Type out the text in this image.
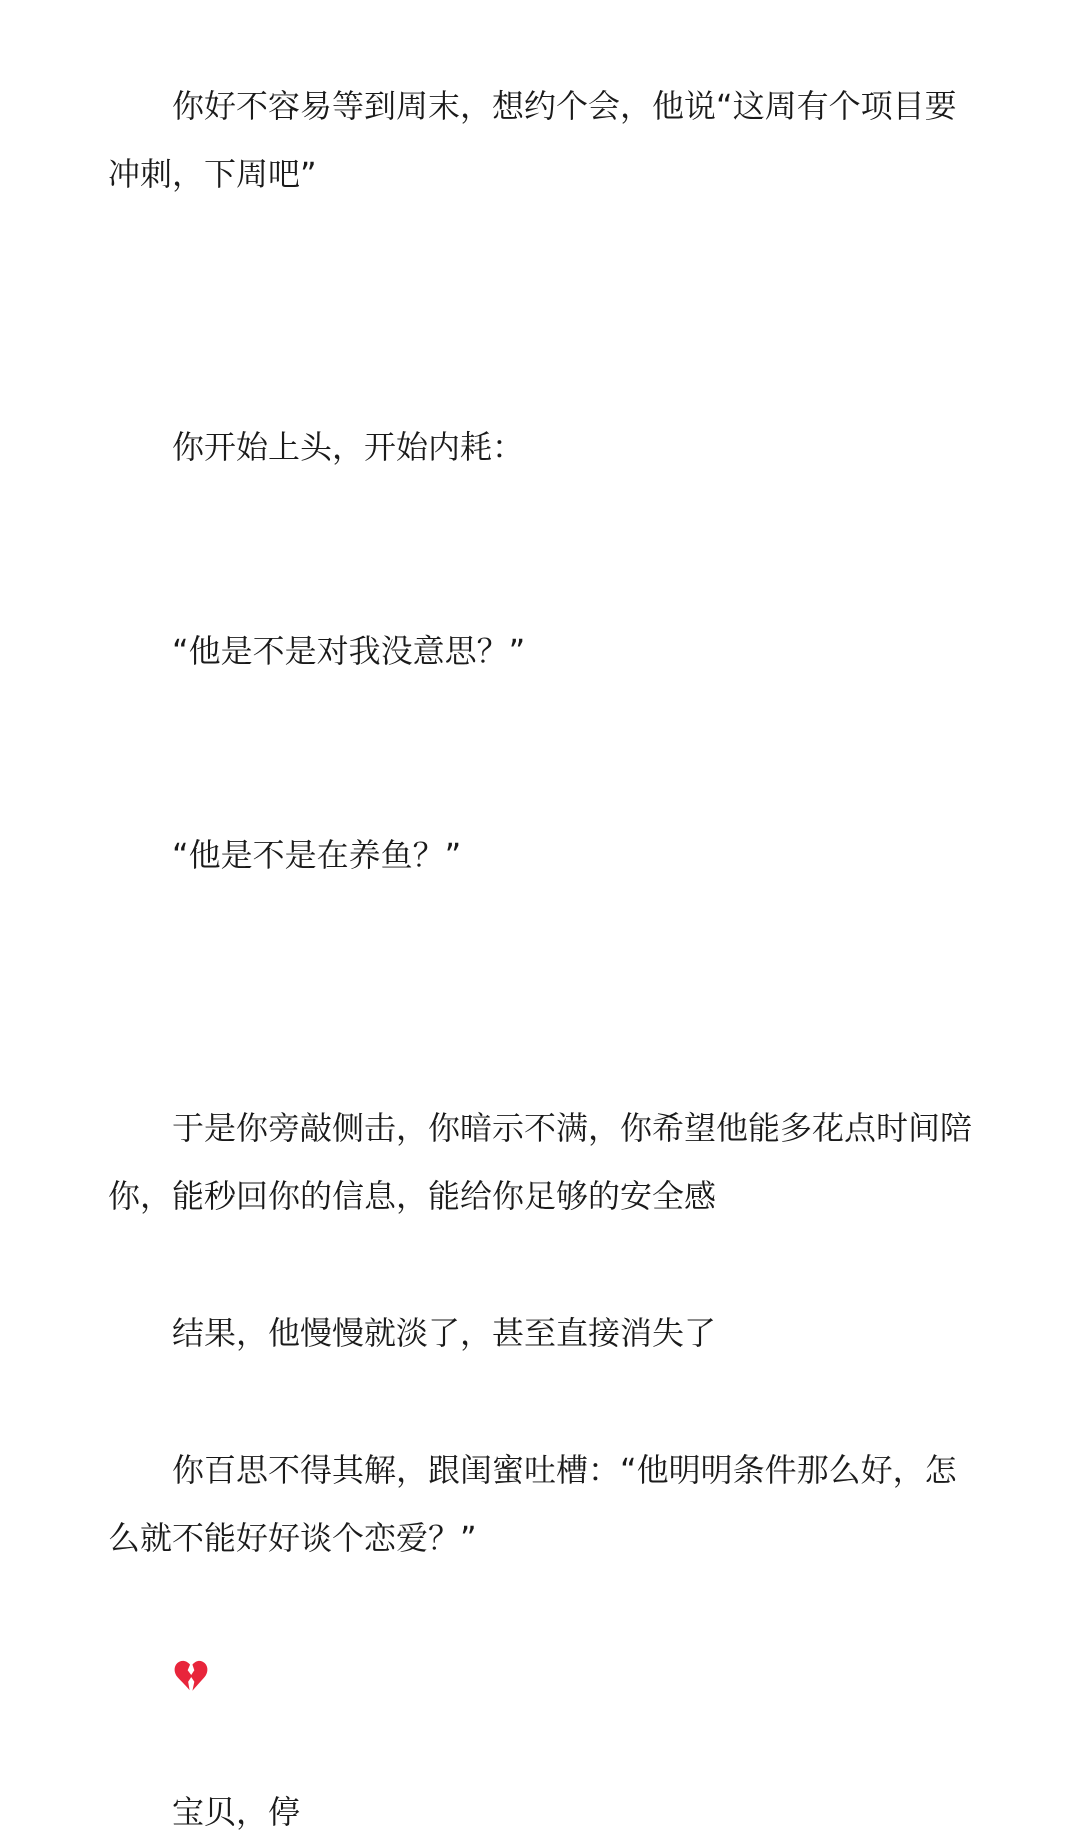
你好不容易等到周末，想约个会，他说“这周有个项目要冲刺，下周吧”

你开始上头，开始内耗：

“他是不是对我没意思？”

“他是不是在养鱼？”

于是你旁敲侧击，你暗示不满，你希望他能多花点时间陪你，能秒回你的信息，能给你足够的安全感

结果，他慢慢就淡了，甚至直接消失了

你百思不得其解，跟闺蜜吐槽：“他明明条件那么好，怎么就不能好好谈个恋爱？”

宝贝，停
